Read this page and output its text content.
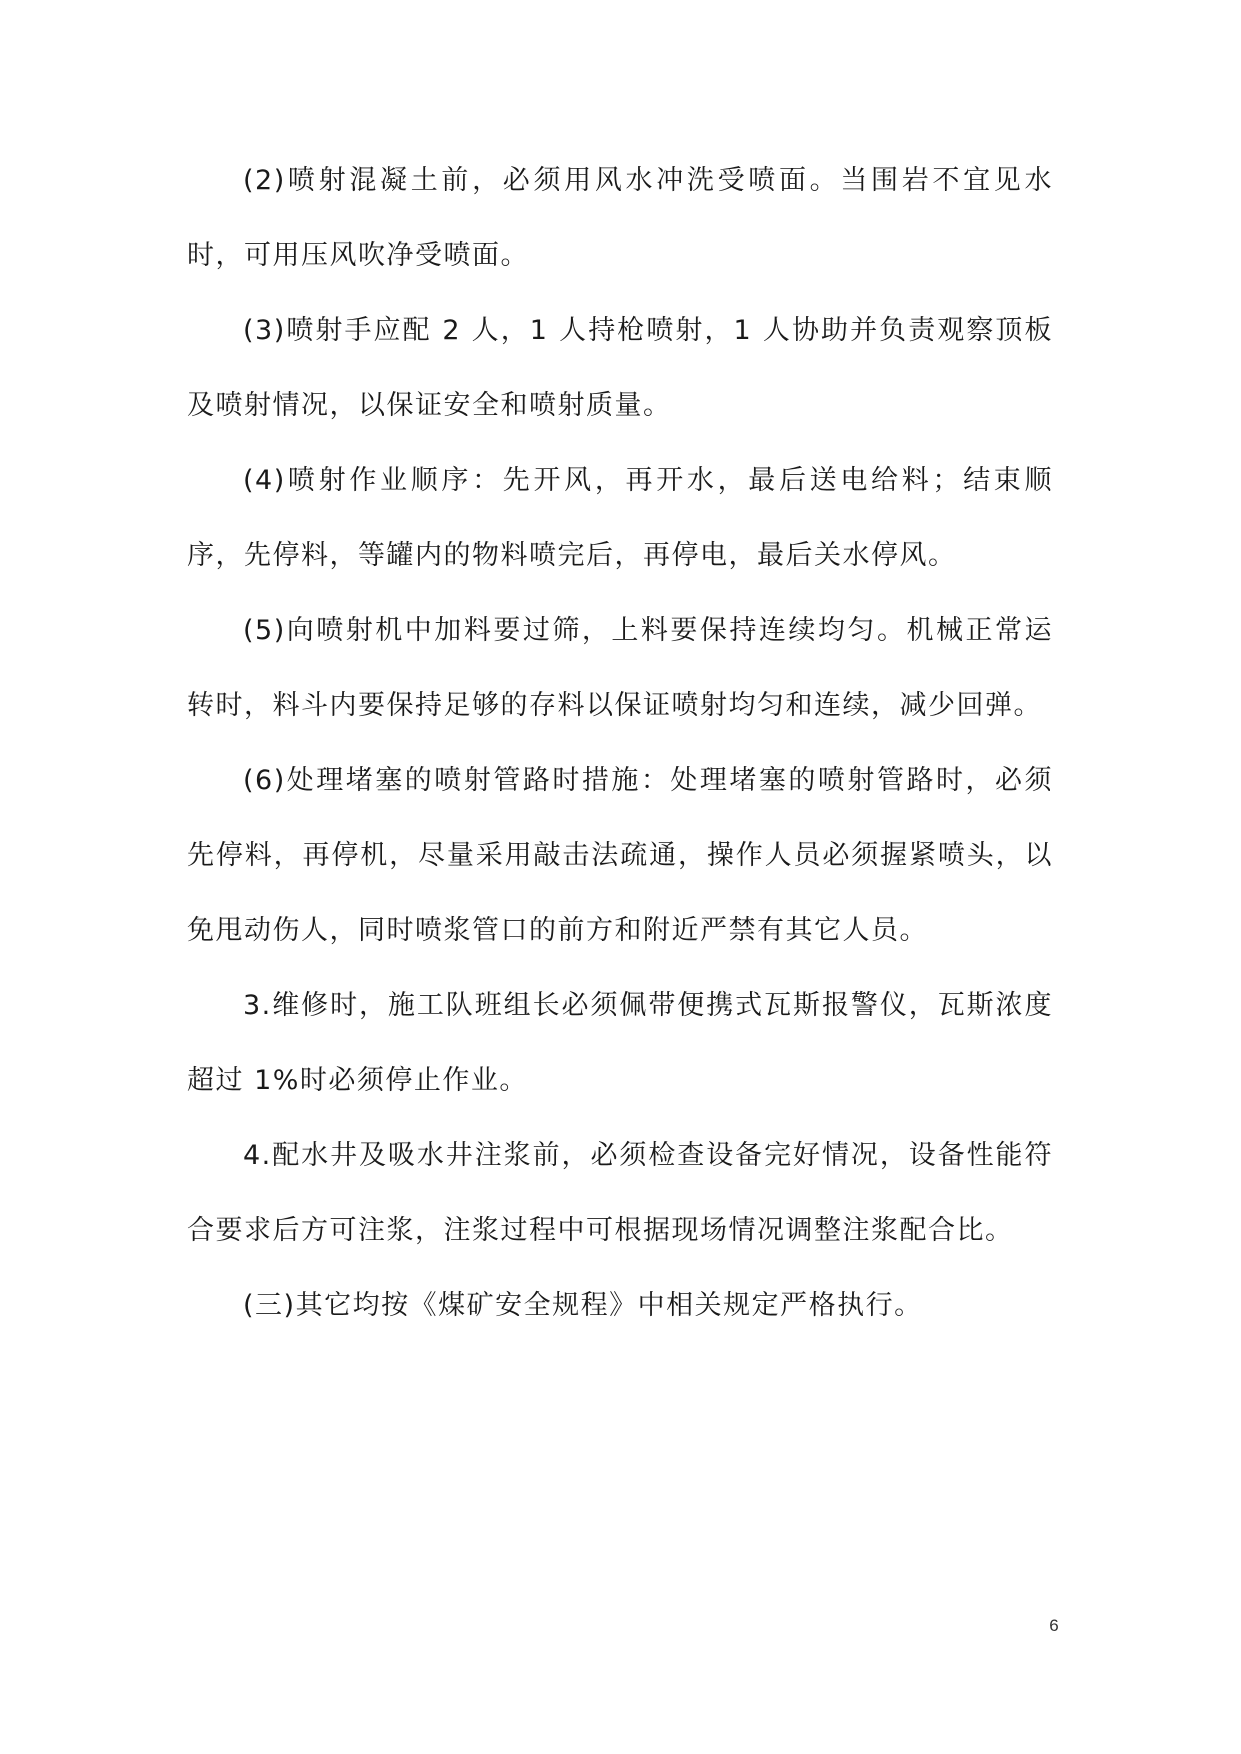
(2)喷射混凝土前，必须用风水冲洗受喷面。当围岩不宜见水时，可用压风吹净受喷面。

(3)喷射手应配 2 人，1 人持枪喷射，1 人协助并负责观察顶板及喷射情况，以保证安全和喷射质量。

(4)喷射作业顺序：先开风，再开水，最后送电给料；结束顺序，先停料，等罐内的物料喷完后，再停电，最后关水停风。

(5)向喷射机中加料要过筛，上料要保持连续均匀。机械正常运转时，料斗内要保持足够的存料以保证喷射均匀和连续，减少回弹。

(6)处理堵塞的喷射管路时措施：处理堵塞的喷射管路时，必须先停料，再停机，尽量采用敲击法疏通，操作人员必须握紧喷头，以免甩动伤人，同时喷浆管口的前方和附近严禁有其它人员。

3.维修时，施工队班组长必须佩带便携式瓦斯报警仪，瓦斯浓度超过 1%时必须停止作业。

4.配水井及吸水井注浆前，必须检查设备完好情况，设备性能符合要求后方可注浆，注浆过程中可根据现场情况调整注浆配合比。

(三)其它均按《煤矿安全规程》中相关规定严格执行。

6
